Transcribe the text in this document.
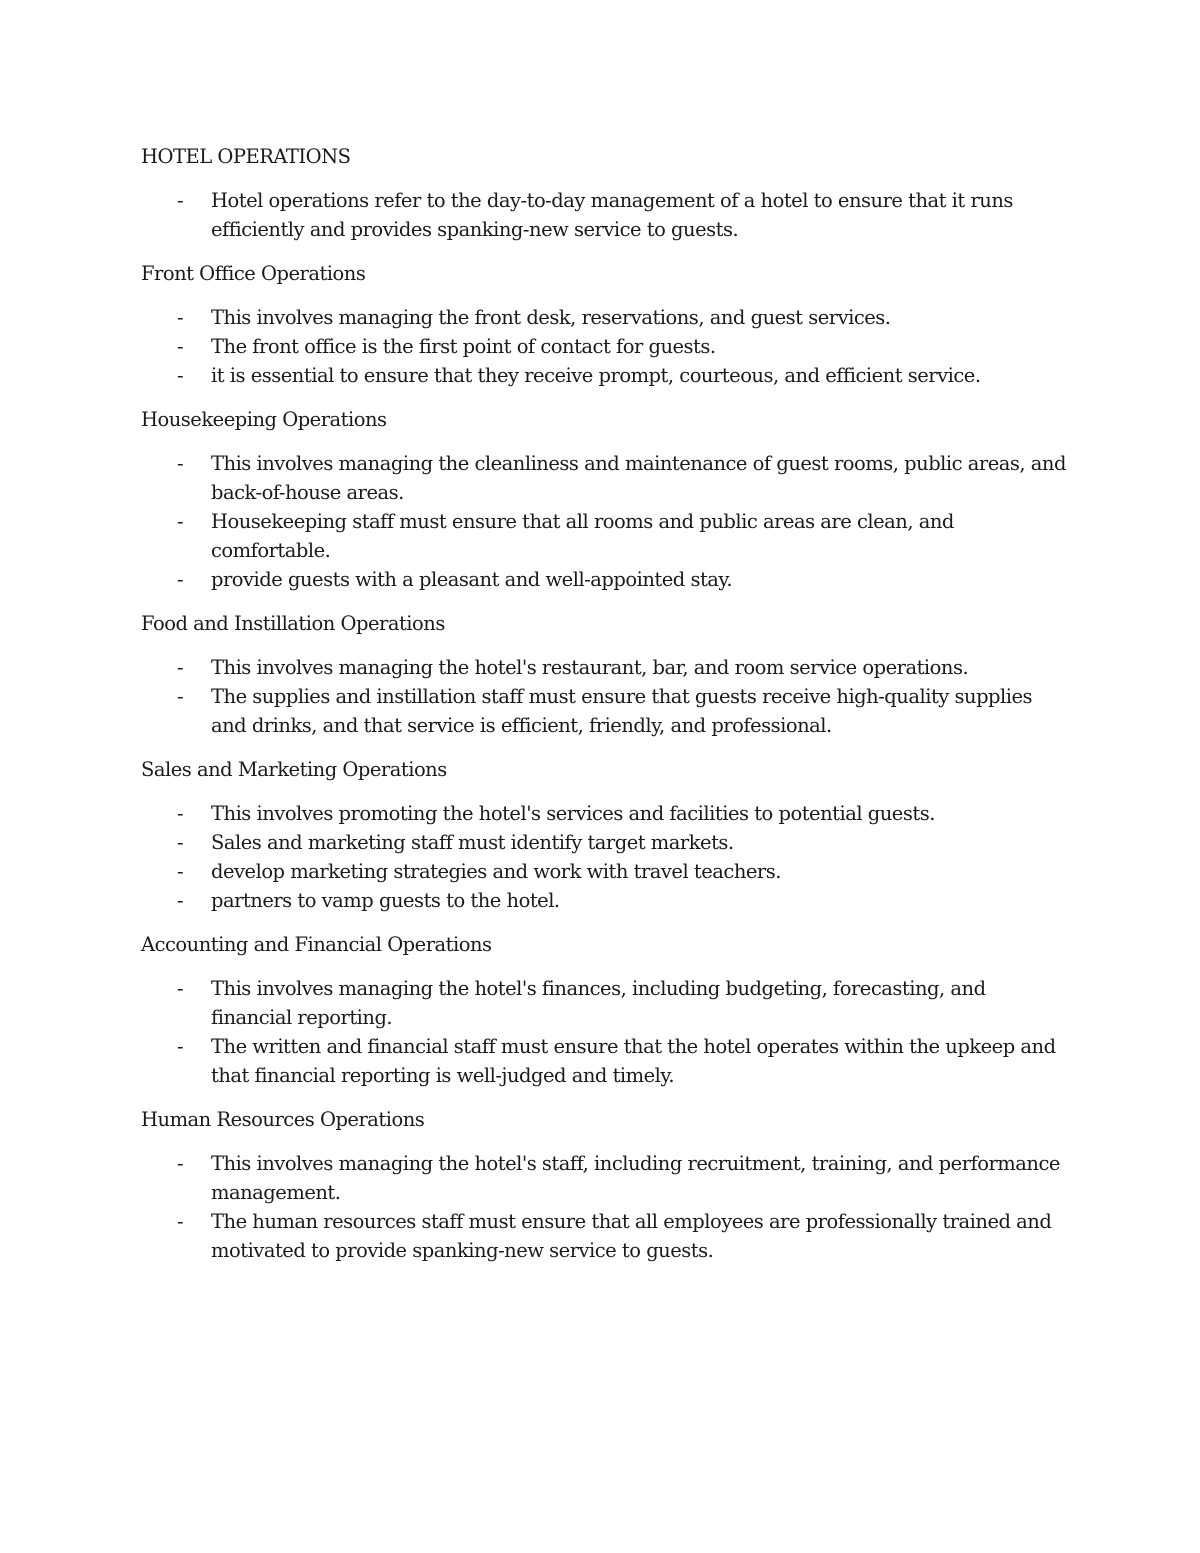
HOTEL OPERATIONS

- Hotel operations refer to the day-to-day management of a hotel to ensure that it runs efficiently and provides spanking-new service to guests.

Front Office Operations

- This involves managing the front desk, reservations, and guest services.
- The front office is the first point of contact for guests.
- it is essential to ensure that they receive prompt, courteous, and efficient service.

Housekeeping Operations

- This involves managing the cleanliness and maintenance of guest rooms, public areas, and back-of-house areas.
- Housekeeping staff must ensure that all rooms and public areas are clean, and comfortable.
- provide guests with a pleasant and well-appointed stay.

Food and Instillation Operations

- This involves managing the hotel's restaurant, bar, and room service operations.
- The supplies and instillation staff must ensure that guests receive high-quality supplies and drinks, and that service is efficient, friendly, and professional.

Sales and Marketing Operations

- This involves promoting the hotel's services and facilities to potential guests.
- Sales and marketing staff must identify target markets.
- develop marketing strategies and work with travel teachers.
- partners to vamp guests to the hotel.

Accounting and Financial Operations

- This involves managing the hotel's finances, including budgeting, forecasting, and financial reporting.
- The written and financial staff must ensure that the hotel operates within the upkeep and that financial reporting is well-judged and timely.

Human Resources Operations

- This involves managing the hotel's staff, including recruitment, training, and performance management.
- The human resources staff must ensure that all employees are professionally trained and motivated to provide spanking-new service to guests.
